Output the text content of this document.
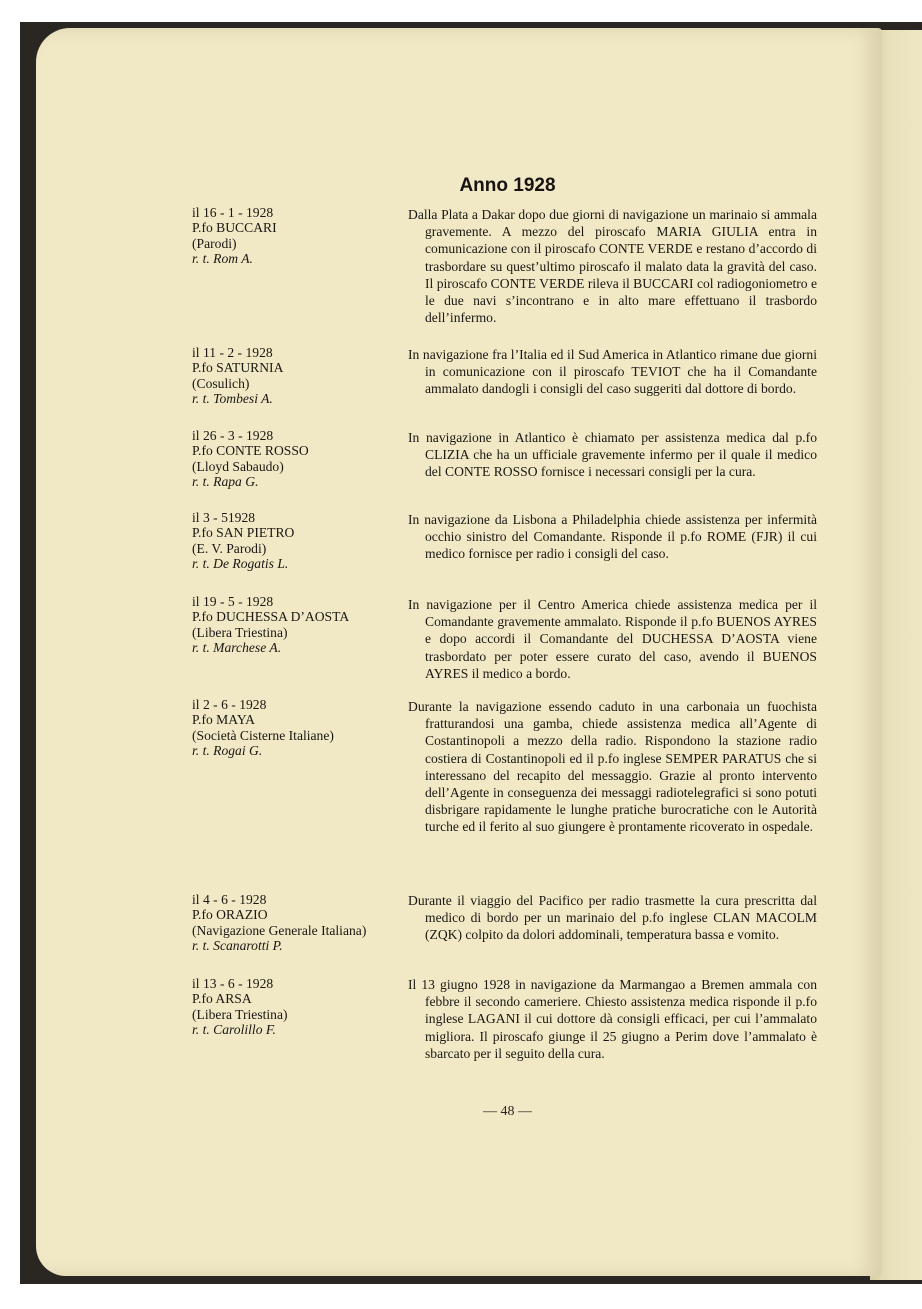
Anno 1928
il 16 - 1 - 1928
P.fo BUCCARI
(Parodi)
r. t. Rom A.
Dalla Plata a Dakar dopo due giorni di navigazione un marinaio si ammala gravemente. A mezzo del piroscafo MARIA GIULIA entra in comunicazione con il piroscafo CONTE VERDE e restano d’accordo di trasbordare su quest’ultimo piroscafo il malato data la gravità del caso. Il piroscafo CONTE VERDE rileva il BUCCARI col radiogoniometro e le due navi s’incontrano e in alto mare effettuano il trasbordo dell’infermo.
il 11 - 2 - 1928
P.fo SATURNIA
(Cosulich)
r. t. Tombesi A.
In navigazione fra l’Italia ed il Sud America in Atlantico rimane due giorni in comunicazione con il piroscafo TEVIOT che ha il Comandante ammalato dandogli i consigli del caso suggeriti dal dottore di bordo.
il 26 - 3 - 1928
P.fo CONTE ROSSO
(Lloyd Sabaudo)
r. t. Rapa G.
In navigazione in Atlantico è chiamato per assistenza medica dal p.fo CLIZIA che ha un ufficiale gravemente infermo per il quale il medico del CONTE ROSSO fornisce i necessari consigli per la cura.
il 3 - 51928
P.fo SAN PIETRO
(E. V. Parodi)
r. t. De Rogatis L.
In navigazione da Lisbona a Philadelphia chiede assistenza per infermità occhio sinistro del Comandante. Risponde il p.fo ROME (FJR) il cui medico fornisce per radio i consigli del caso.
il 19 - 5 - 1928
P.fo DUCHESSA D’AOSTA
(Libera Triestina)
r. t. Marchese A.
In navigazione per il Centro America chiede assistenza medica per il Comandante gravemente ammalato. Risponde il p.fo BUENOS AYRES e dopo accordi il Comandante del DUCHESSA D’AOSTA viene trasbordato per poter essere curato del caso, avendo il BUENOS AYRES il medico a bordo.
il 2 - 6 - 1928
P.fo MAYA
(Società Cisterne Italiane)
r. t. Rogai G.
Durante la navigazione essendo caduto in una carbonaia un fuochista fratturandosi una gamba, chiede assistenza medica all’Agente di Costantinopoli a mezzo della radio. Rispondono la stazione radio costiera di Costantinopoli ed il p.fo inglese SEMPER PARATUS che si interessano del recapito del messaggio. Grazie al pronto intervento dell’Agente in conseguenza dei messaggi radiotelegrafici si sono potuti disbrigare rapidamente le lunghe pratiche burocratiche con le Autorità turche ed il ferito al suo giungere è prontamente ricoverato in ospedale.
il 4 - 6 - 1928
P.fo ORAZIO
(Navigazione Generale Italiana)
r. t. Scanarotti P.
Durante il viaggio del Pacifico per radio trasmette la cura prescritta dal medico di bordo per un marinaio del p.fo inglese CLAN MACOLM (ZQK) colpito da dolori addominali, temperatura bassa e vomito.
il 13 - 6 - 1928
P.fo ARSA
(Libera Triestina)
r. t. Carolillo F.
Il 13 giugno 1928 in navigazione da Marmangao a Bremen ammala con febbre il secondo cameriere. Chiesto assistenza medica risponde il p.fo inglese LAGANI il cui dottore dà consigli efficaci, per cui l’ammalato migliora. Il piroscafo giunge il 25 giugno a Perim dove l’ammalato è sbarcato per il seguito della cura.
— 48 —
